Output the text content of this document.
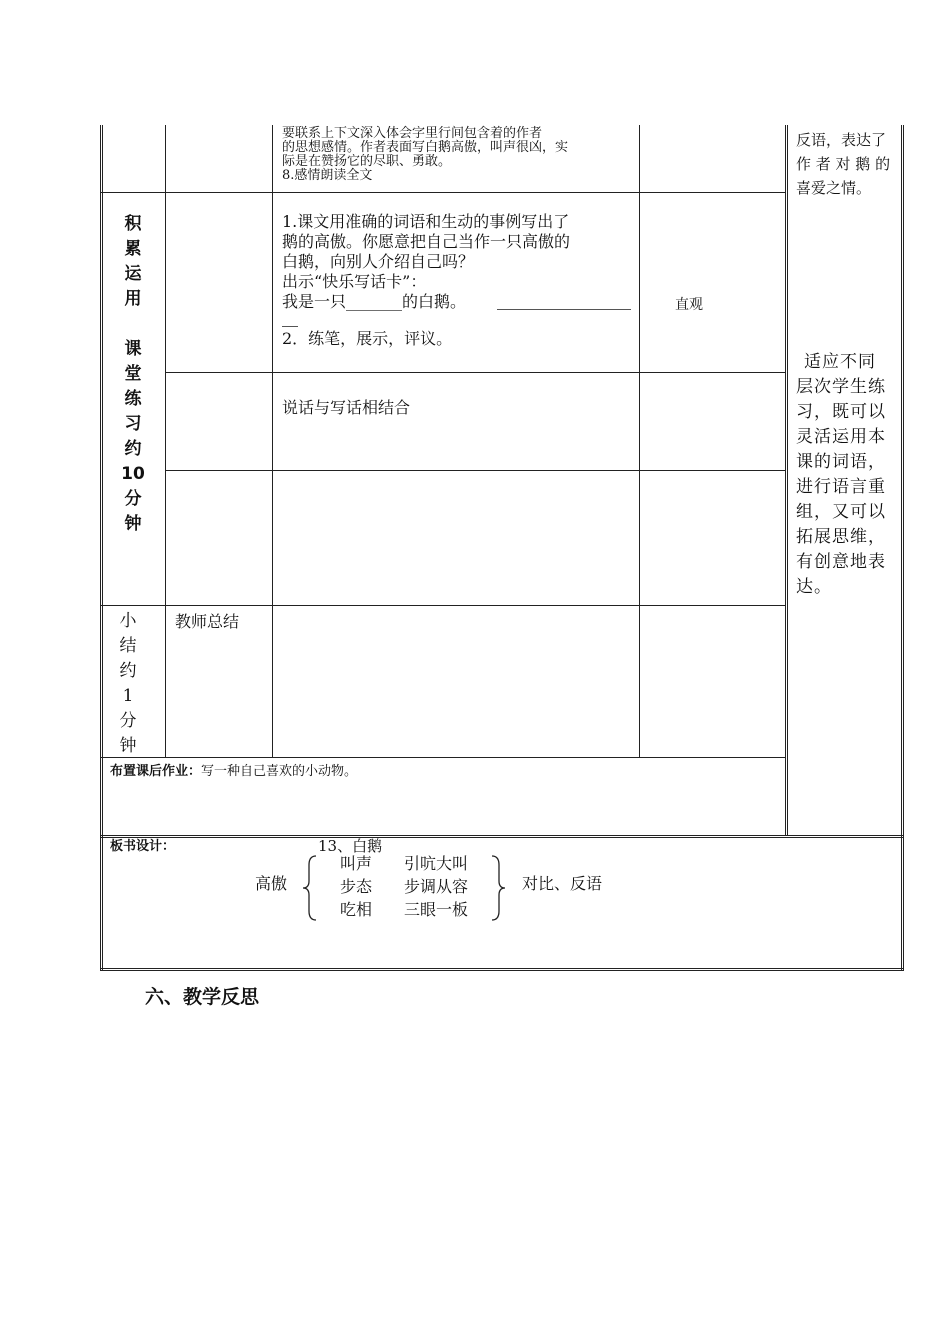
要联系上下文深入体会字里行间包含着的作者
的思想感情。作者表面写白鹅高傲，叫声很凶，实
际是在赞扬它的尽职、勇敢。
8.感情朗读全文
反语，表达了
作 者 对 鹅 的
喜爱之情。
积
累
运
用
课
堂
练
习
约
10
分
钟
1.课文用准确的词语和生动的事例写出了
鹅的高傲。你愿意把自己当作一只高傲的
白鹅，向别人介绍自己吗？
出示“快乐写话卡”：
我是一只_______的白鹅。
2．练笔，展示，评议。
直观
说话与写话相结合
适应不同
层次学生练
习，既可以
灵活运用本
课的词语，
进行语言重
组，又可以
拓展思维，
有创意地表
达。
小
结
约
1
分
钟
教师总结
布置课后作业：写一种自己喜欢的小动物。
板书设计：	13、白鹅
高傲
叫声 引吭大叫
步态 步调从容
吃相 三眼一板
对比、反语
六、教学反思
